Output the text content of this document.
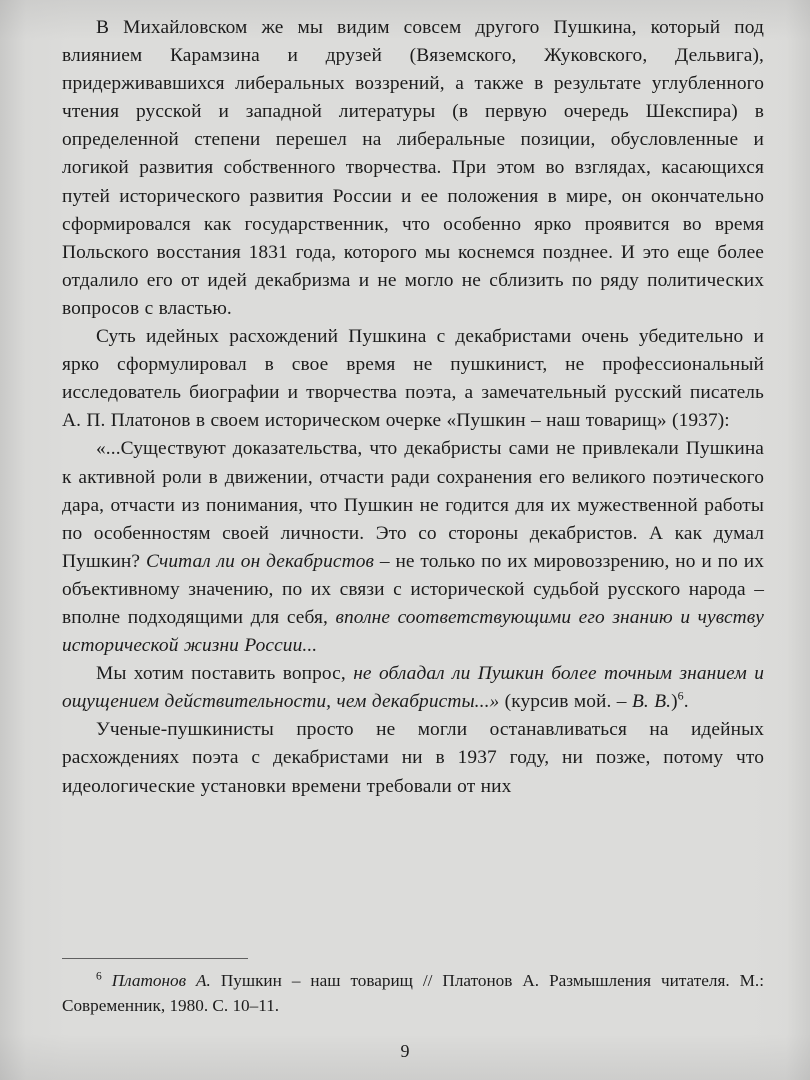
В Михайловском же мы видим совсем другого Пушкина, который под влиянием Карамзина и друзей (Вяземского, Жуковского, Дельвига), придерживавшихся либеральных воззрений, а также в результате углубленного чтения русской и западной литературы (в первую очередь Шекспира) в определенной степени перешел на либеральные позиции, обусловленные и логикой развития собственного творчества. При этом во взглядах, касающихся путей исторического развития России и ее положения в мире, он окончательно сформировался как государственник, что особенно ярко проявится во время Польского восстания 1831 года, которого мы коснемся позднее. И это еще более отдалило его от идей декабризма и не могло не сблизить по ряду политических вопросов с властью.

Суть идейных расхождений Пушкина с декабристами очень убедительно и ярко сформулировал в свое время не пушкинист, не профессиональный исследователь биографии и творчества поэта, а замечательный русский писатель А. П. Платонов в своем историческом очерке «Пушкин – наш товарищ» (1937):

«...Существуют доказательства, что декабристы сами не привлекали Пушкина к активной роли в движении, отчасти ради сохранения его великого поэтического дара, отчасти из понимания, что Пушкин не годится для их мужественной работы по особенностям своей личности. Это со стороны декабристов. А как думал Пушкин? Считал ли он декабристов – не только по их мировоззрению, но и по их объективному значению, по их связи с исторической судьбой русского народа – вполне подходящими для себя, вполне соответствующими его знанию и чувству исторической жизни России...

Мы хотим поставить вопрос, не обладал ли Пушкин более точным знанием и ощущением действительности, чем декабристы...» (курсив мой. – В. В.)$^6$.

Ученые-пушкинисты просто не могли останавливаться на идейных расхождениях поэта с декабристами ни в 1937 году, ни позже, потому что идеологические установки времени требовали от них

$^6$ Платонов А. Пушкин – наш товарищ // Платонов А. Размышления читателя. М.: Современник, 1980. С. 10–11.
9
